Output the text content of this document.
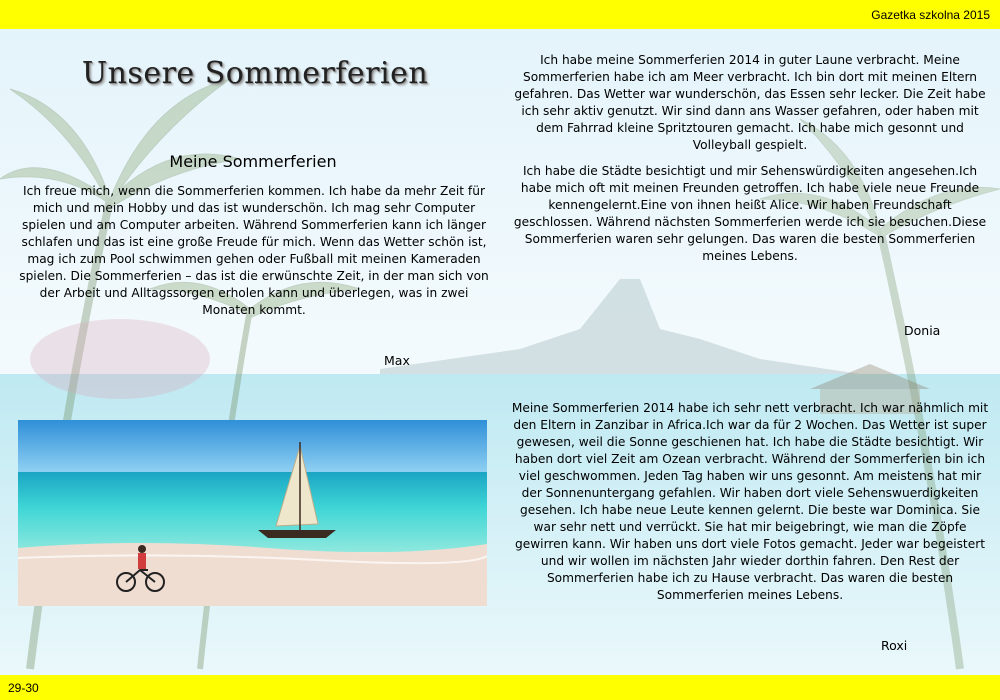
Gazetka szkolna 2015
29-30
Unsere Sommerferien
Meine Sommerferien

Ich freue mich, wenn die Sommerferien kommen. Ich habe da mehr Zeit für mich und mein Hobby und das ist wunderschön. Ich mag sehr Computer spielen und am Computer arbeiten. Während Sommerferien kann ich länger schlafen und das ist eine große Freude für mich. Wenn das Wetter schön ist, mag ich zum Pool schwimmen gehen oder Fußball mit meinen Kameraden spielen. Die Sommerferien – das ist die erwünschte Zeit, in der man sich von der Arbeit und Alltagssorgen erholen kann und überlegen, was in zwei Monaten kommt.

Max

Ich habe meine Sommerferien 2014 in guter Laune verbracht. Meine Sommerferien habe ich am Meer verbracht. Ich bin dort mit meinen Eltern gefahren. Das Wetter war wunderschön, das Essen sehr lecker. Die Zeit habe ich sehr aktiv genutzt. Wir sind dann ans Wasser gefahren, oder haben mit dem Fahrrad kleine Spritztouren gemacht. Ich habe mich gesonnt und Volleyball gespielt.

Ich habe die Städte besichtigt und mir Sehenswürdigkeiten angesehen.Ich habe mich oft mit meinen Freunden getroffen. Ich habe viele neue Freunde kennengelernt.Eine von ihnen heißt Alice. Wir haben Freundschaft geschlossen. Während nächsten Sommerferien werde ich sie besuchen.Diese Sommerferien waren sehr gelungen. Das waren die besten Sommerferien meines Lebens.

Donia

Meine Sommerferien 2014 habe ich sehr nett verbracht. Ich war nähmlich mit den Eltern in Zanzibar in Africa.Ich war da für 2 Wochen. Das Wetter ist super gewesen, weil die Sonne geschienen hat. Ich habe die Städte besichtigt. Wir haben dort viel Zeit am Ozean verbracht. Während der Sommerferien bin ich viel geschwommen. Jeden Tag haben wir uns gesonnt. Am meistens hat mir der Sonnenuntergang gefahlen. Wir haben dort viele Sehenswuerdigkeiten gesehen. Ich habe neue Leute kennen gelernt. Die beste war Dominica. Sie war sehr nett und verrückt. Sie hat mir beigebringt, wie man die Zöpfe gewirren kann. Wir haben uns dort viele Fotos gemacht. Jeder war begeistert und wir wollen im nächsten Jahr wieder dorthin fahren. Den Rest der Sommerferien habe ich zu Hause verbracht. Das waren die besten Sommerferien meines Lebens.

Roxi
